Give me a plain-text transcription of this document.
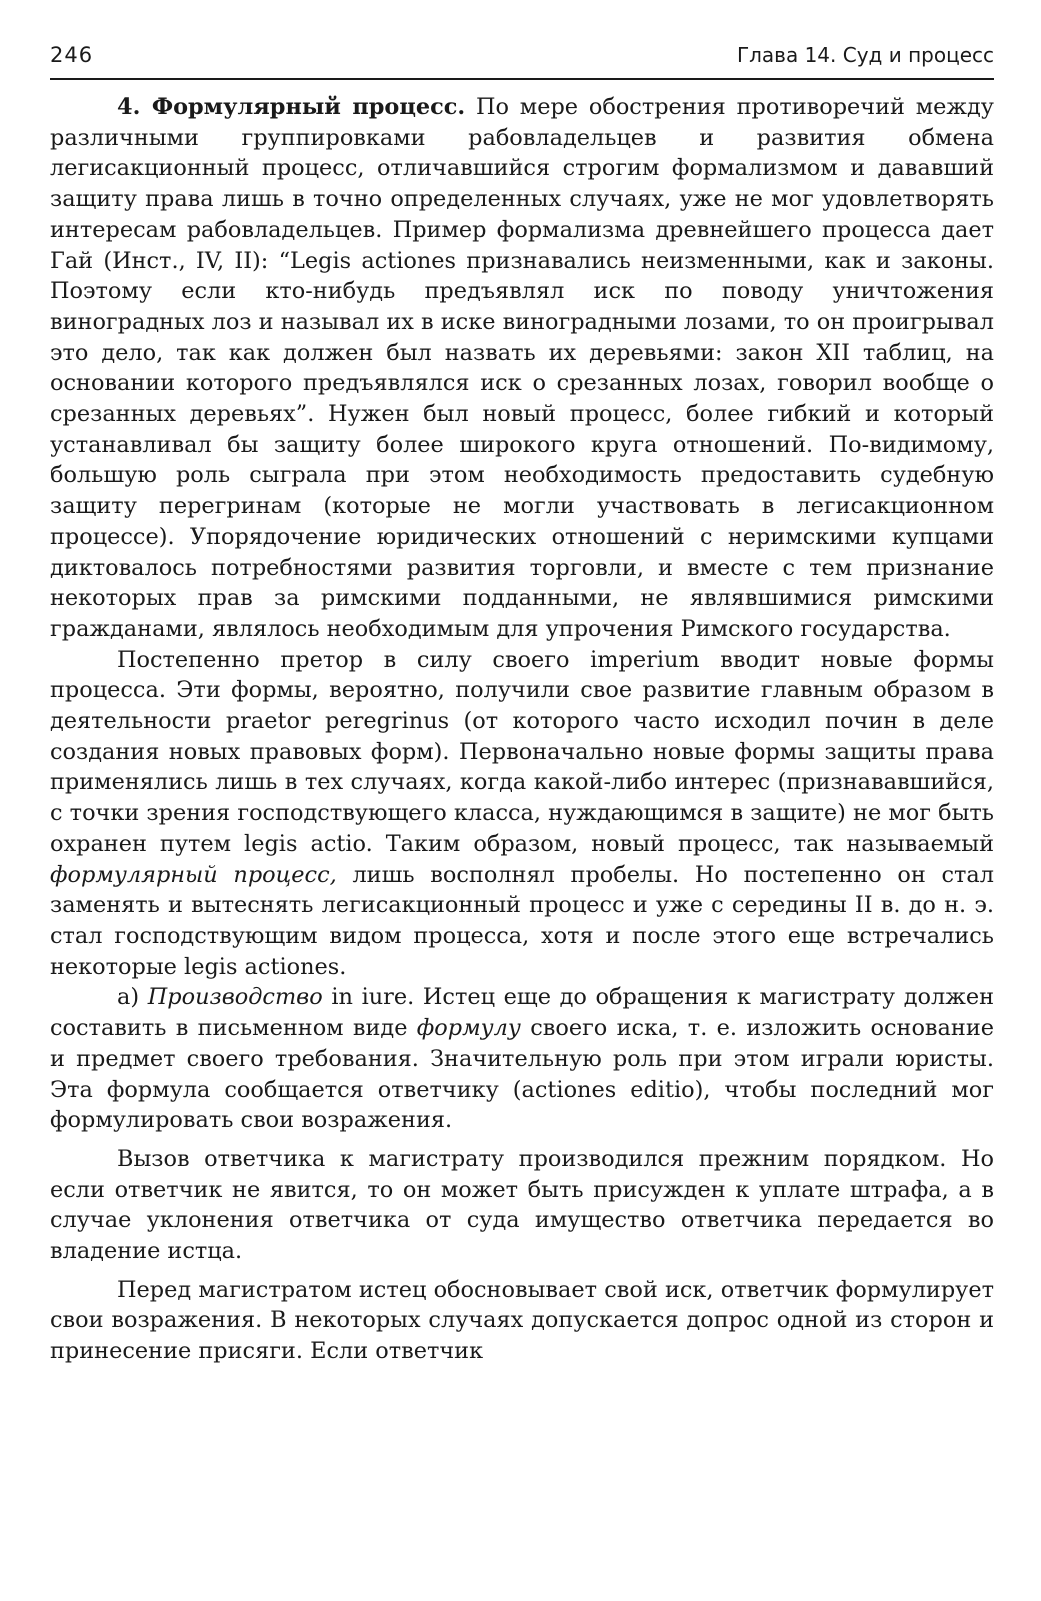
246	Глава 14. Суд и процесс

4. Формулярный процесс. По мере обострения противоречий между различными группировками рабовладельцев и развития обмена легисакционный процесс, отличавшийся строгим формализмом и дававший защиту права лишь в точно определенных случаях, уже не мог удовлетворять интересам рабовладельцев. Пример формализма древнейшего процесса дает Гай (Инст., IV, II): “Legis actiones признавались неизменными, как и законы. Поэтому если кто-нибудь предъявлял иск по поводу уничтожения виноградных лоз и называл их в иске виноградными лозами, то он проигрывал это дело, так как должен был назвать их деревьями: закон XII таблиц, на основании которого предъявлялся иск о срезанных лозах, говорил вообще о срезанных деревьях”. Нужен был новый процесс, более гибкий и который устанавливал бы защиту более широкого круга отношений. По-видимому, большую роль сыграла при этом необходимость предоставить судебную защиту перегринам (которые не могли участвовать в легисакционном процессе). Упорядочение юридических отношений с неримскими купцами диктовалось потребностями развития торговли, и вместе с тем признание некоторых прав за римскими подданными, не являвшимися римскими гражданами, являлось необходимым для упрочения Римского государства.

Постепенно претор в силу своего imperium вводит новые формы процесса. Эти формы, вероятно, получили свое развитие главным образом в деятельности praetor peregrinus (от которого часто исходил почин в деле создания новых правовых форм). Первоначально новые формы защиты права применялись лишь в тех случаях, когда какой-либо интерес (признававшийся, с точки зрения господствующего класса, нуждающимся в защите) не мог быть охранен путем legis actio. Таким образом, новый процесс, так называемый формулярный процесс, лишь восполнял пробелы. Но постепенно он стал заменять и вытеснять легисакционный процесс и уже с середины II в. до н. э. стал господствующим видом процесса, хотя и после этого еще встречались некоторые legis actiones.

а) Производство in iure. Истец еще до обращения к магистрату должен составить в письменном виде формулу своего иска, т. е. изложить основание и предмет своего требования. Значительную роль при этом играли юристы. Эта формула сообщается ответчику (actiones editio), чтобы последний мог формулировать свои возражения.

Вызов ответчика к магистрату производился прежним порядком. Но если ответчик не явится, то он может быть присужден к уплате штрафа, а в случае уклонения ответчика от суда имущество ответчика передается во владение истца.

Перед магистратом истец обосновывает свой иск, ответчик формулирует свои возражения. В некоторых случаях допускается допрос одной из сторон и принесение присяги. Если ответчик
